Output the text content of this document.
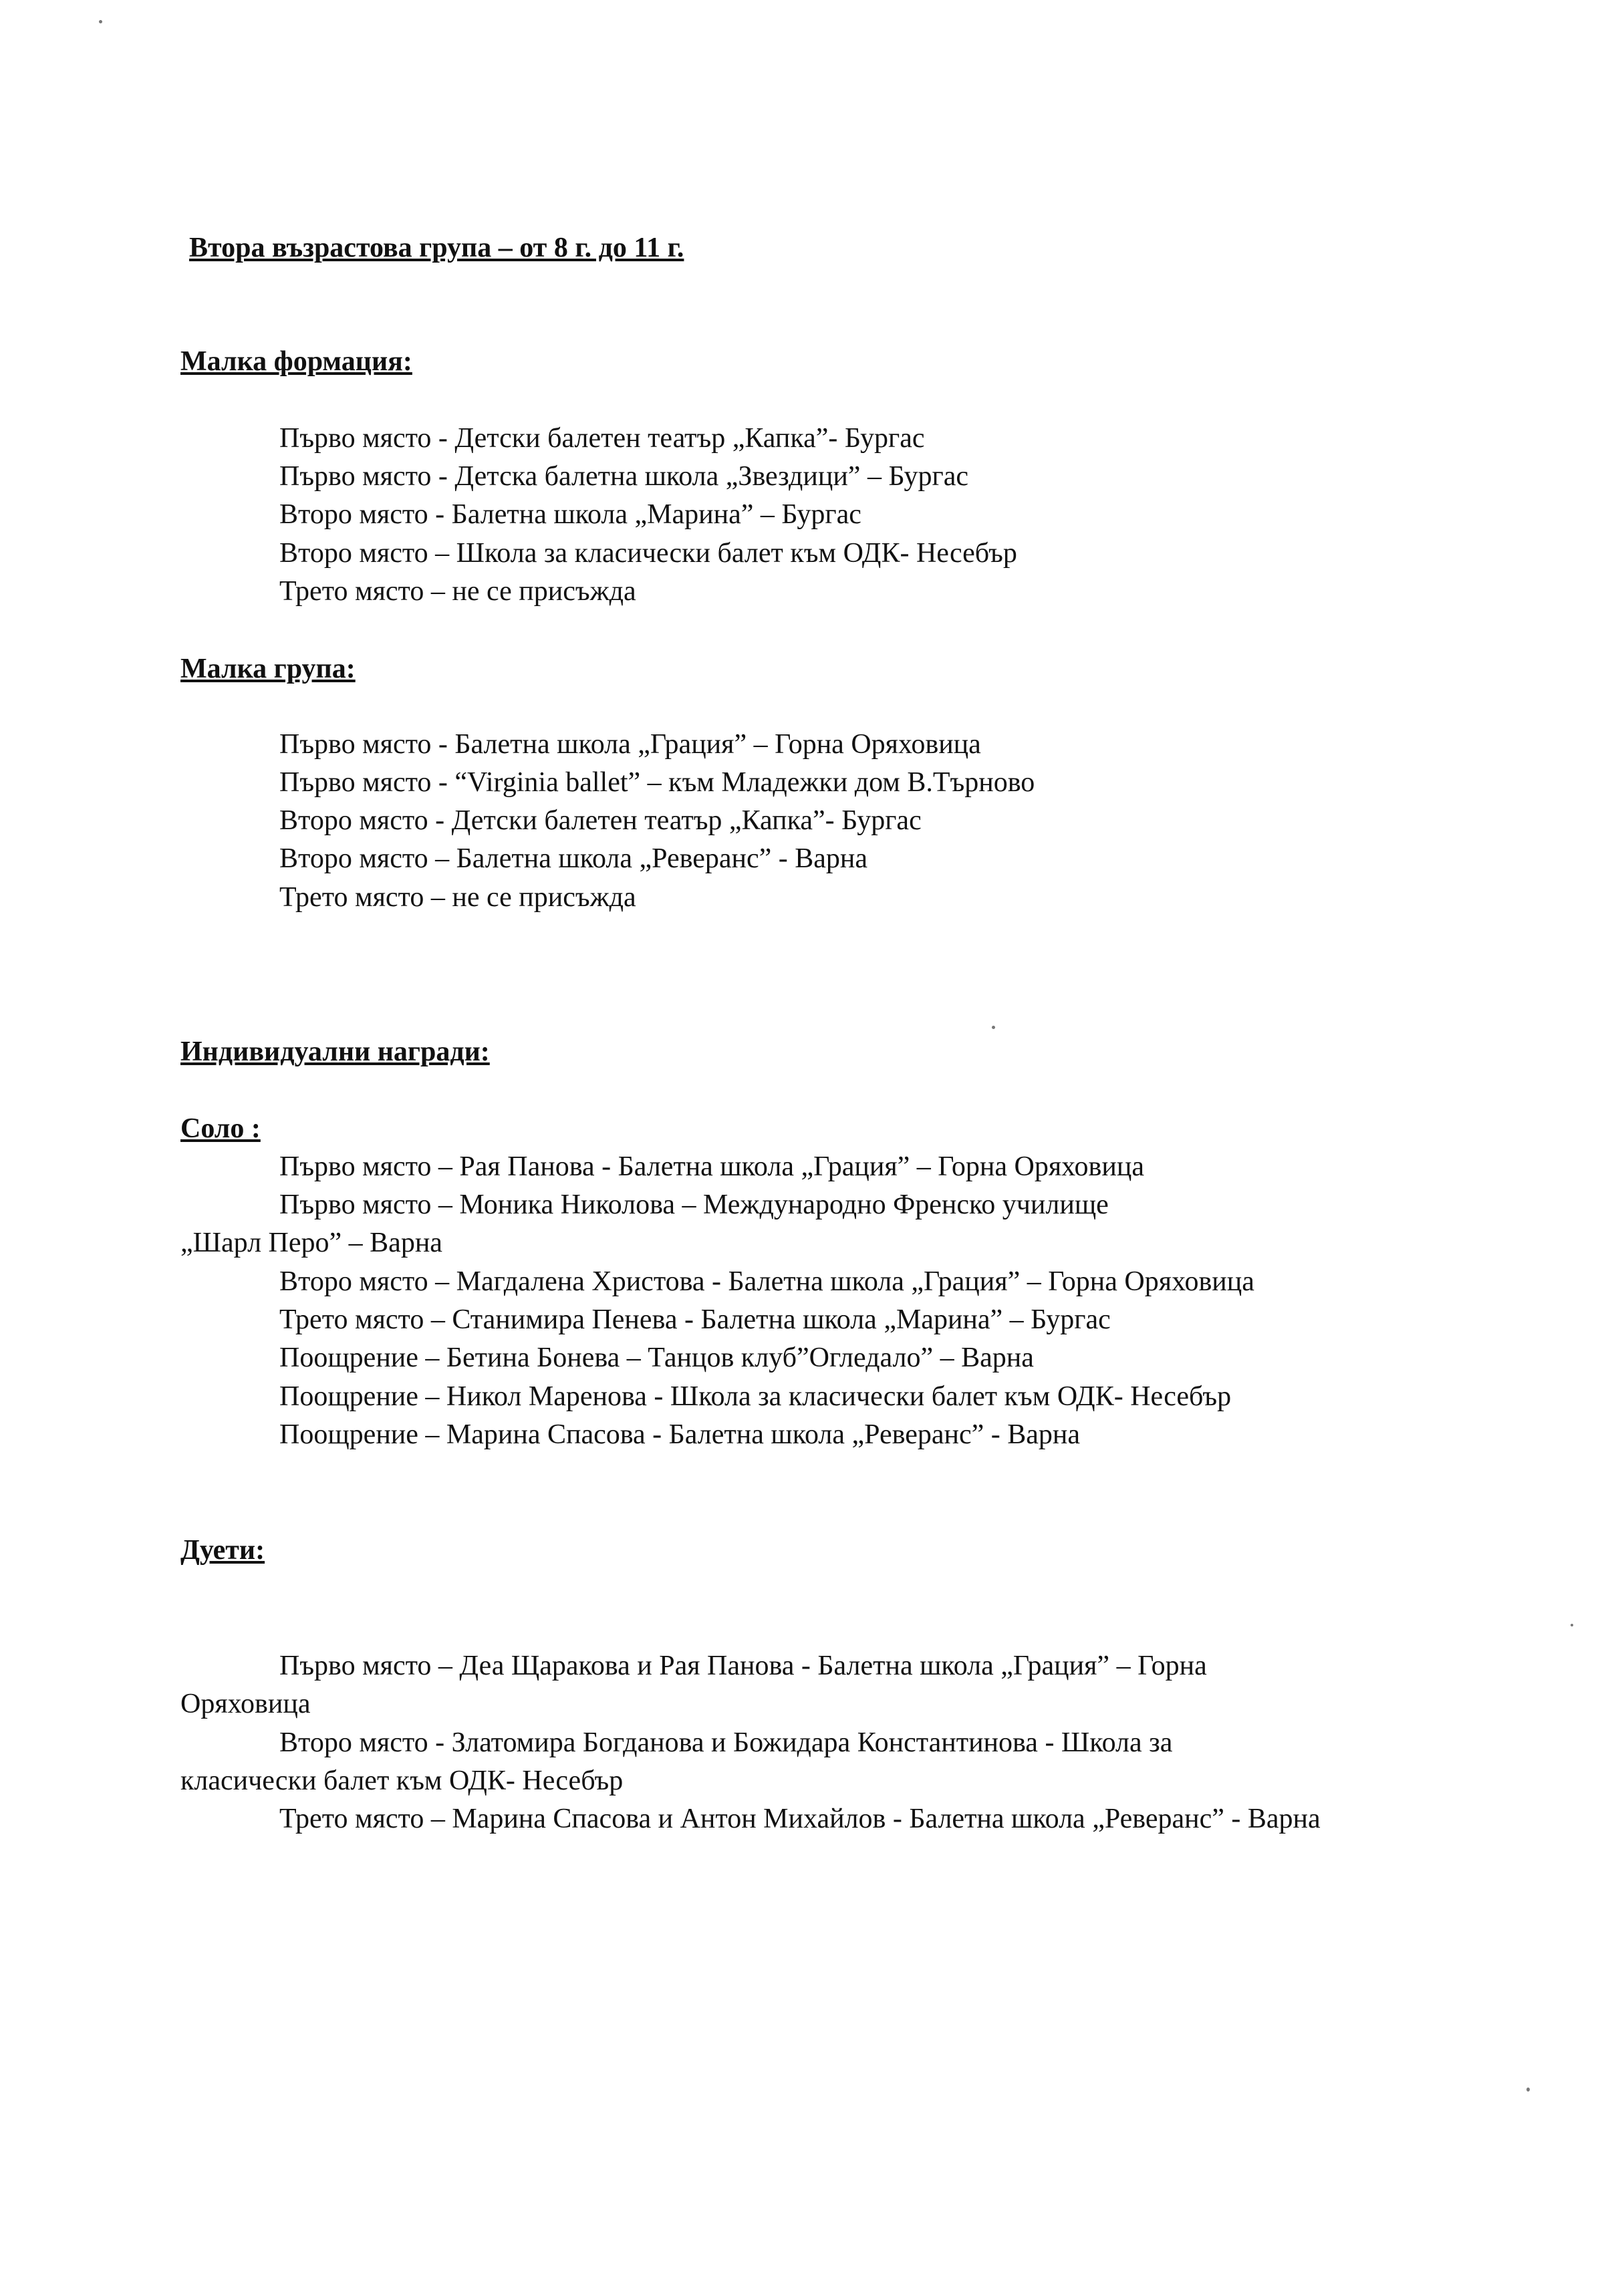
Втора възрастова група – от 8 г. до 11 г.
Малка формация:
Първо място - Детски балетен театър „Капка”- Бургас
Първо място - Детска балетна школа „Звездици” – Бургас
Второ място - Балетна школа „Марина” – Бургас
Второ място – Школа за класически балет към ОДК- Несебър
Трето място – не се присъжда
Малка група:
Първо място - Балетна школа „Грация” – Горна Оряховица
Първо място - “Virginia ballet” – към Младежки дом В.Търново
Второ място - Детски балетен театър „Капка”- Бургас
Второ място – Балетна школа „Реверанс” - Варна
Трето място – не се присъжда
Индивидуални награди:
Соло :
Първо място – Рая Панова - Балетна школа „Грация” – Горна Оряховица
Първо място – Моника Николова – Международно Френско училище
„Шарл Перо” – Варна
Второ място – Магдалена Христова - Балетна школа „Грация” – Горна Оряховица
Трето място – Станимира Пенева - Балетна школа „Марина” – Бургас
Поощрение – Бетина Бонева – Танцов клуб”Огледало” – Варна
Поощрение – Никол Маренова - Школа за класически балет към ОДК- Несебър
Поощрение – Марина Спасова - Балетна школа „Реверанс” - Варна
Дуети:
Първо място – Деа Щаракова и Рая Панова - Балетна школа „Грация” – Горна
Оряховица
Второ място - Златомира Богданова и Божидара Константинова - Школа за
класически балет към ОДК- Несебър
Трето място – Марина Спасова и Антон Михайлов - Балетна школа „Реверанс” - Варна
